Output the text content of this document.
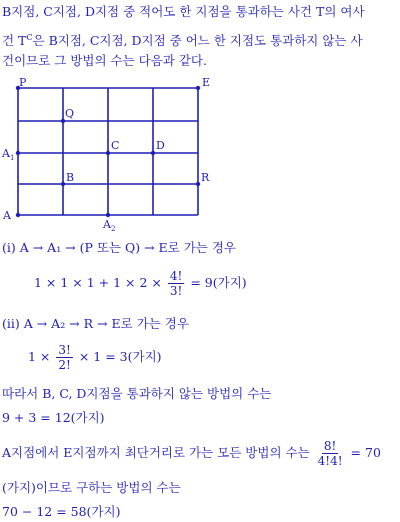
B지점, C지점, D지점 중 적어도 한 지점을 통과하는 사건 T의 여사
건 $T^C$은 B지점, C지점, D지점 중 어느 한 지점도 통과하지 않는 사
건이므로 그 방법의 수는 다음과 같다.
P	E
Q
C	D
$A_1$
B	R
A
$A_2$
(ⅰ) A → A₁ → (P 또는 Q) → E로 가는 경우
$1 \times 1 \times 1 + 1 \times 2 \times \frac{4!}{3!} = 9$(가지)
(ⅱ) A → A₂ → R → E로 가는 경우
$1 \times \frac{3!}{2!} \times 1 = 3$(가지)
따라서 B, C, D지점을 통과하지 않는 방법의 수는
9 + 3 = 12(가지)
A지점에서 E지점까지 최단거리로 가는 모든 방법의 수는 $\frac{8!}{4!4!} = 70$
(가지)이므로 구하는 방법의 수는
70 − 12 = 58(가지)
